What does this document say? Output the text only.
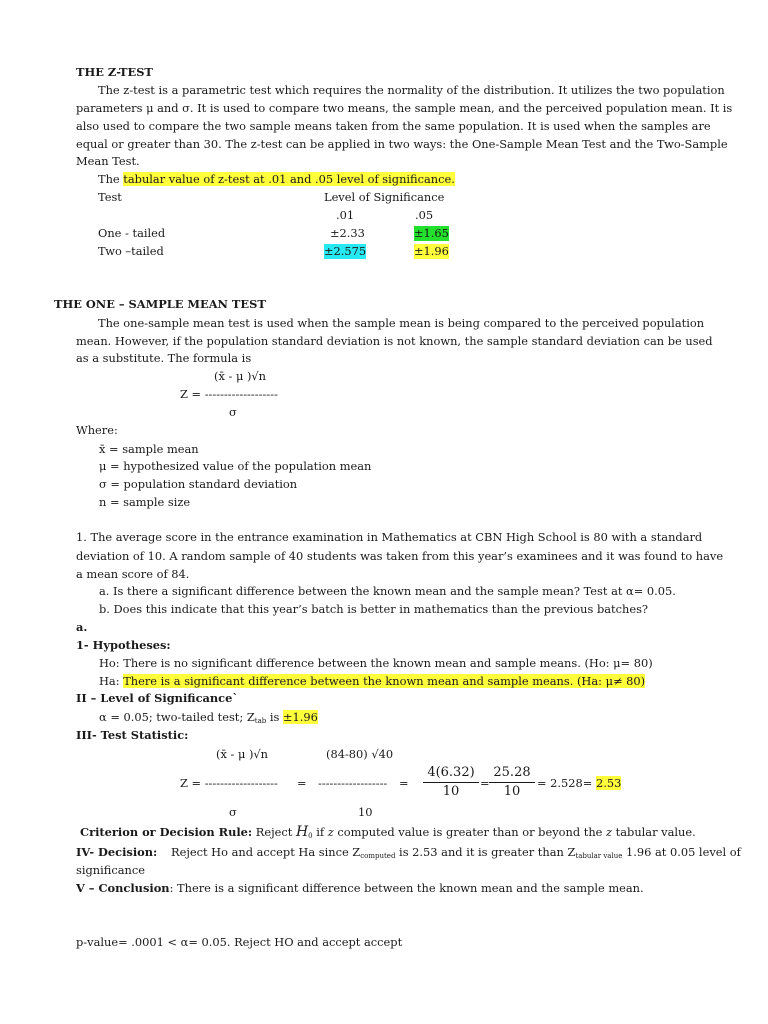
THE Z-TEST
The z-test is a parametric test which requires the normality of the distribution. It utilizes the two population
parameters μ and σ. It is used to compare two means, the sample mean, and the perceived population mean. It is
also used to compare the two sample means taken from the same population. It is used when the samples are
equal or greater than 30. The z-test can be applied in two ways: the One-Sample Mean Test and the Two-Sample
Mean Test.
The tabular value of z-test at .01 and .05 level of significance.
Test	Level of Significance
.01	.05
One - tailed	±2.33	±1.65
Two –tailed	±2.575	±1.96
THE ONE – SAMPLE MEAN TEST
The one-sample mean test is used when the sample mean is being compared to the perceived population
mean. However, if the population standard deviation is not known, the sample standard deviation can be used
as a substitute. The formula is
(x̄ - μ )√n
Z = -------------------
σ
Where:
x̄ = sample mean
μ = hypothesized value of the population mean
σ = population standard deviation
n = sample size
1. The average score in the entrance examination in Mathematics at CBN High School is 80 with a standard
deviation of 10. A random sample of 40 students was taken from this year’s examinees and it was found to have
a mean score of 84.
a. Is there a significant difference between the known mean and the sample mean? Test at α= 0.05.
b. Does this indicate that this year’s batch is better in mathematics than the previous batches?
a.
1- Hypotheses:
Ho: There is no significant difference between the known mean and sample means. (Ho: μ= 80)
Ha: There is a significant difference between the known mean and sample means. (Ha: μ≠ 80)
II – Level of Significance`
α = 0.05; two-tailed test; $Z_{tab}$ is ±1.96
III- Test Statistic:
(x̄ - μ )√n	(84-80) √40
Z = ------------------- = ------------------ = $\frac{4(6.32)}{10} = \frac{25.28}{10} = 2.528= 2.53$
σ	10
Criterion or Decision Rule: Reject $H_0$ if z computed value is greater than or beyond the z tabular value.
IV- Decision: Reject Ho and accept Ha since $Z_{computed}$ is 2.53 and it is greater than $Z_{tabular value}$ 1.96 at 0.05 level of
significance
V – Conclusion: There is a significant difference between the known mean and the sample mean.
p-value= .0001 < α= 0.05. Reject HO and accept accept
